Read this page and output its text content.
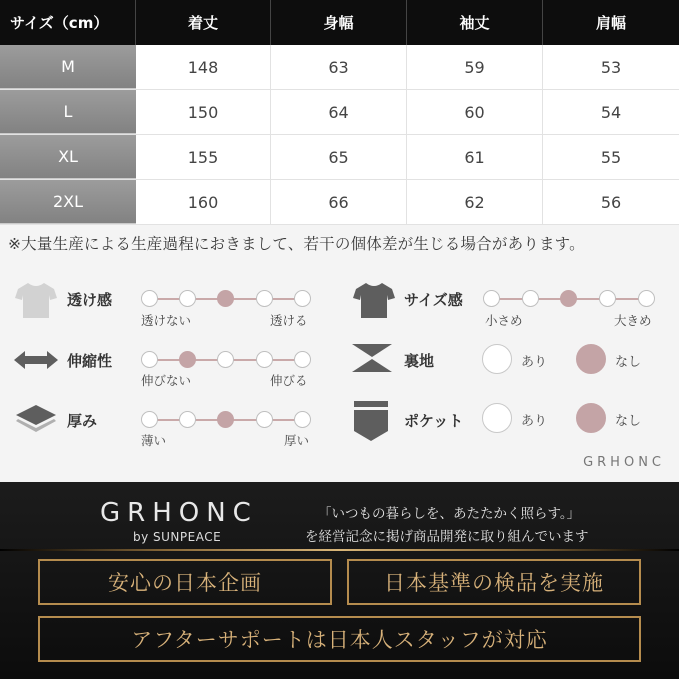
サイズ（cm）	着丈	身幅	袖丈	肩幅
M	148	63	59	53
L	150	64	60	54
XL	155	65	61	55
2XL	160	66	62	56
※大量生産による生産過程におきまして、若干の個体差が生じる場合があります。
透け感
透けない	透ける
サイズ感
小さめ	大きめ
伸縮性
伸びない	伸びる
裏地	あり	なし
厚み
薄い	厚い
ポケット	あり	なし
GRHONC
GRHONC
by SUNPEACE
「いつもの暮らしを、あたたかく照らす。」
を経営記念に掲げ商品開発に取り組んでいます
安心の日本企画	日本基準の検品を実施
アフターサポートは日本人スタッフが対応
